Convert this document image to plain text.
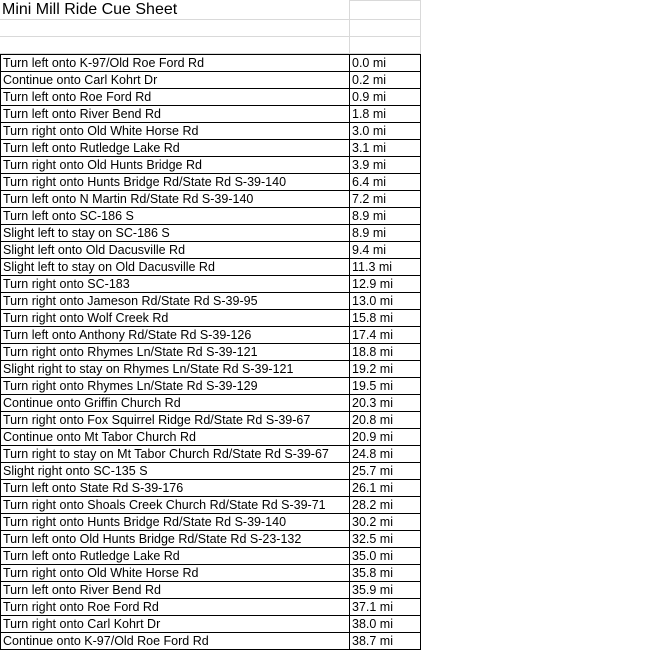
Mini Mill Ride Cue Sheet
Turn left onto K-97/Old Roe Ford Rd	0.0 mi
Continue onto Carl Kohrt Dr	0.2 mi
Turn left onto Roe Ford Rd	0.9 mi
Turn left onto River Bend Rd	1.8 mi
Turn right onto Old White Horse Rd	3.0 mi
Turn left onto Rutledge Lake Rd	3.1 mi
Turn right onto Old Hunts Bridge Rd	3.9 mi
Turn right onto Hunts Bridge Rd/State Rd S-39-140	6.4 mi
Turn left onto N Martin Rd/State Rd S-39-140	7.2 mi
Turn left onto SC-186 S	8.9 mi
Slight left to stay on SC-186 S	8.9 mi
Slight left onto Old Dacusville Rd	9.4 mi
Slight left to stay on Old Dacusville Rd	11.3 mi
Turn right onto SC-183	12.9 mi
Turn right onto Jameson Rd/State Rd S-39-95	13.0 mi
Turn right onto Wolf Creek Rd	15.8 mi
Turn left onto Anthony Rd/State Rd S-39-126	17.4 mi
Turn right onto Rhymes Ln/State Rd S-39-121	18.8 mi
Slight right to stay on Rhymes Ln/State Rd S-39-121	19.2 mi
Turn right onto Rhymes Ln/State Rd S-39-129	19.5 mi
Continue onto Griffin Church Rd	20.3 mi
Turn right onto Fox Squirrel Ridge Rd/State Rd S-39-67	20.8 mi
Continue onto Mt Tabor Church Rd	20.9 mi
Turn right to stay on Mt Tabor Church Rd/State Rd S-39-67	24.8 mi
Slight right onto SC-135 S	25.7 mi
Turn left onto State Rd S-39-176	26.1 mi
Turn right onto Shoals Creek Church Rd/State Rd S-39-71	28.2 mi
Turn right onto Hunts Bridge Rd/State Rd S-39-140	30.2 mi
Turn left onto Old Hunts Bridge Rd/State Rd S-23-132	32.5 mi
Turn left onto Rutledge Lake Rd	35.0 mi
Turn right onto Old White Horse Rd	35.8 mi
Turn left onto River Bend Rd	35.9 mi
Turn right onto Roe Ford Rd	37.1 mi
Turn right onto Carl Kohrt Dr	38.0 mi
Continue onto K-97/Old Roe Ford Rd	38.7 mi
